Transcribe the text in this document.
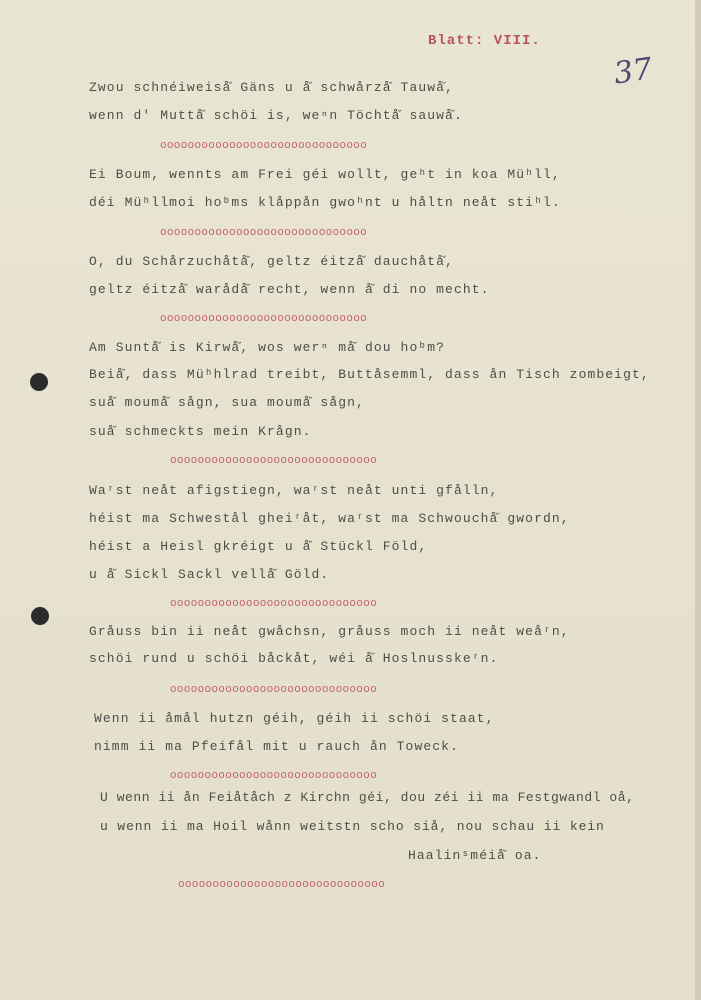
Blatt: VIII.
37
Zwou schnéiweiså̆ Gäns u å̆ schwårzå̆ Tauwå̆,
wenn d' Muttå̆ schöi is, weⁿn Töchtå̆ sauwå̆.
oooooooooooooooooooooooooooooo
Ei Boum, wennts am Frei géi wollt, geʰt in koa Müʰll,
déi Müʰllmoi hoᵇms klåppån gwoʰnt u håltn neåt stiʰl.
oooooooooooooooooooooooooooooo
O, du Schårzuchåtå̆, geltz éitzå̆ dauchåtå̆,
geltz éitzå̆ warådå̆ recht, wenn å̆ di no mecht.
oooooooooooooooooooooooooooooo
Am Suntå̆ is Kirwå̆, wos werⁿ må̆ dou hoᵇm?
Beiå̆, dass Müʰhlrad treibt, Buttåsemml, dass ån Tisch zombeigt,
suå̆ moumå̆ sågn, sua moumå̆ sågn,
suå̆ schmeckts mein Krågn.
oooooooooooooooooooooooooooooo
Waʳst neåt afigstiegn, waʳst neåt unti gfålln,
héist ma Schwestål gheiʳåt, waʳst ma Schwouchå̆ gwordn,
héist a Heisl gkréigt u å̆ Stückl Föld,
u å̆ Sickl Sackl vellå̆ Göld.
oooooooooooooooooooooooooooooo
Gråuss bin ii neåt gwåchsn, gråuss moch ii neåt weåʳn,
schöi rund u schöi båckåt, wéi å̆ Hoslnusskeʳn.
oooooooooooooooooooooooooooooo
Wenn ii åmål hutzn géih, géih ii schöi staat,
nimm ii ma Pfeifål mit u rauch ån Toweck.
oooooooooooooooooooooooooooooo
U wenn ii ån Feiåtåch z Kirchn géi, dou zéi ii ma Festgwandl oå,
u wenn ii ma Hoil wånn weitstn scho siå, nou schau ii kein
Haalinˢméiå̆ oa.
oooooooooooooooooooooooooooooo
